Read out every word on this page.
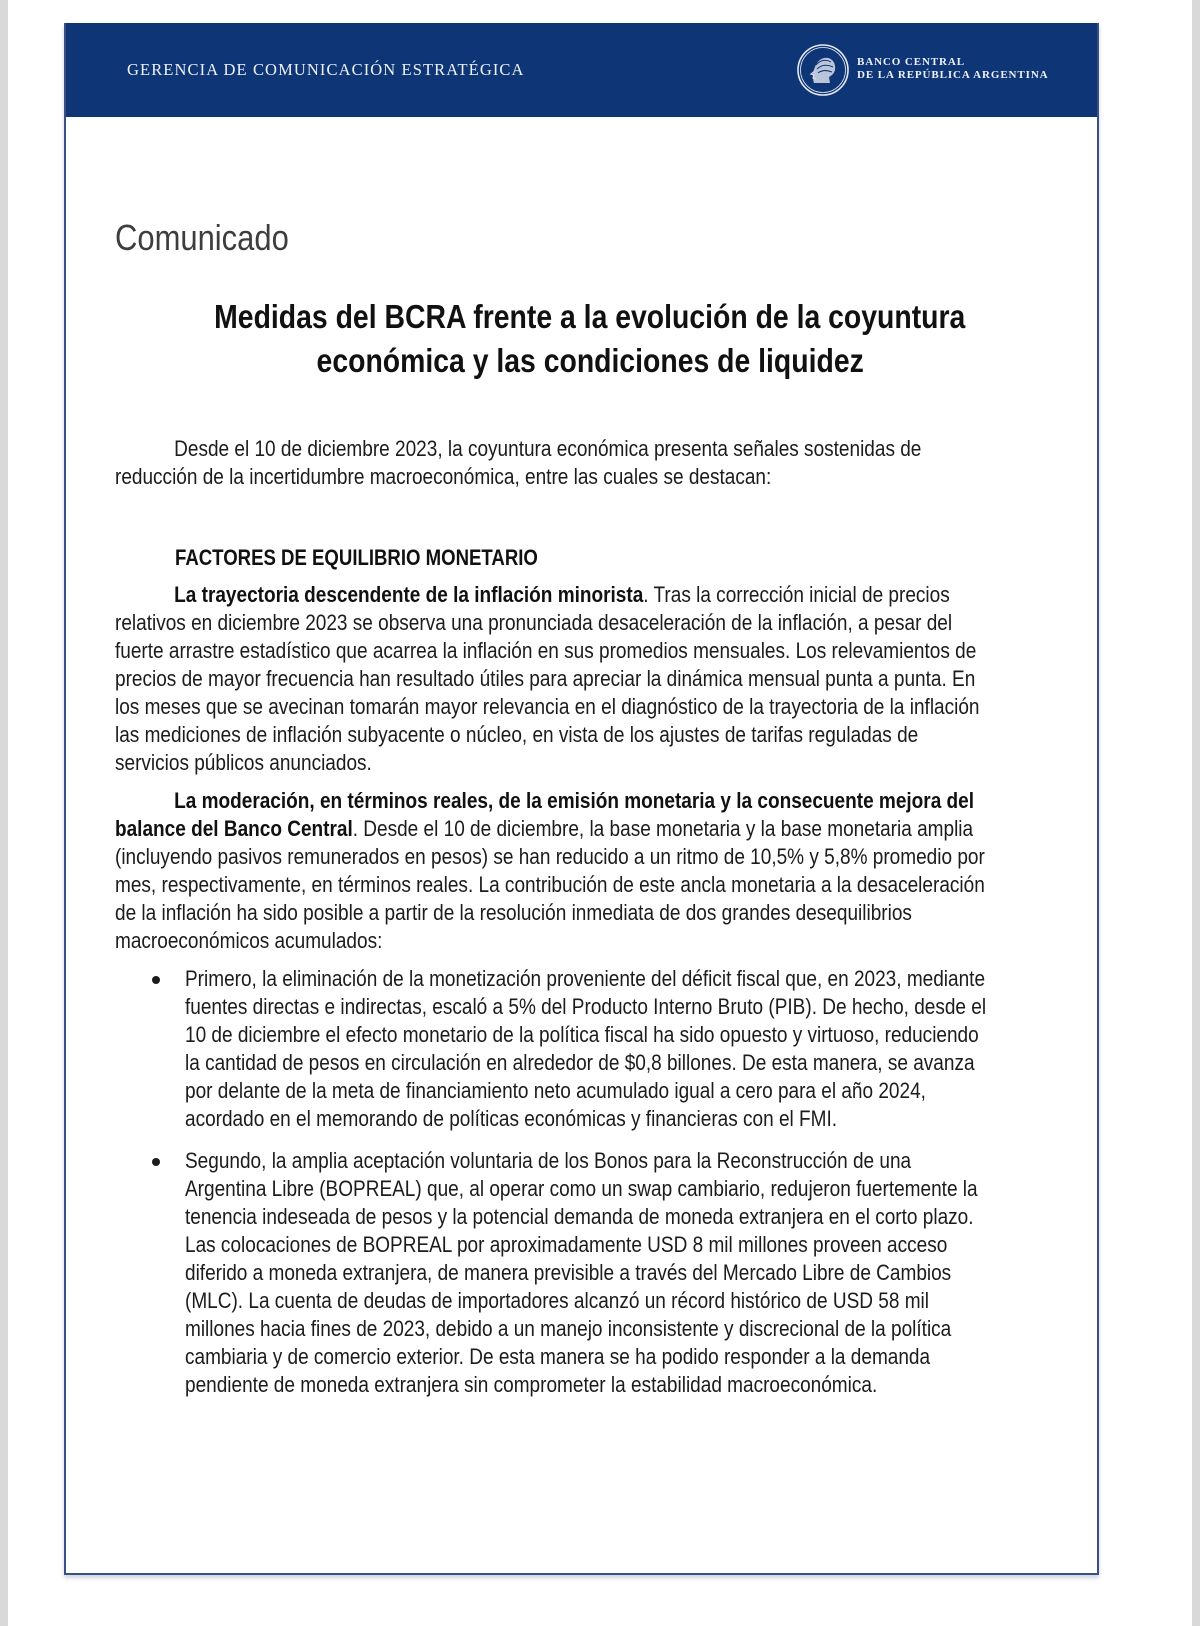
GERENCIA DE COMUNICACIÓN ESTRATÉGICA	BANCO CENTRAL
DE LA REPÚBLICA ARGENTINA
Comunicado
Medidas del BCRA frente a la evolución de la coyuntura
económica y las condiciones de liquidez
Desde el 10 de diciembre 2023, la coyuntura económica presenta señales sostenidas de
reducción de la incertidumbre macroeconómica, entre las cuales se destacan:
FACTORES DE EQUILIBRIO MONETARIO
La trayectoria descendente de la inflación minorista. Tras la corrección inicial de precios
relativos en diciembre 2023 se observa una pronunciada desaceleración de la inflación, a pesar del
fuerte arrastre estadístico que acarrea la inflación en sus promedios mensuales. Los relevamientos de
precios de mayor frecuencia han resultado útiles para apreciar la dinámica mensual punta a punta. En
los meses que se avecinan tomarán mayor relevancia en el diagnóstico de la trayectoria de la inflación
las mediciones de inflación subyacente o núcleo, en vista de los ajustes de tarifas reguladas de
servicios públicos anunciados.
La moderación, en términos reales, de la emisión monetaria y la consecuente mejora del
balance del Banco Central. Desde el 10 de diciembre, la base monetaria y la base monetaria amplia
(incluyendo pasivos remunerados en pesos) se han reducido a un ritmo de 10,5% y 5,8% promedio por
mes, respectivamente, en términos reales. La contribución de este ancla monetaria a la desaceleración
de la inflación ha sido posible a partir de la resolución inmediata de dos grandes desequilibrios
macroeconómicos acumulados:
Primero, la eliminación de la monetización proveniente del déficit fiscal que, en 2023, mediante
fuentes directas e indirectas, escaló a 5% del Producto Interno Bruto (PIB). De hecho, desde el
10 de diciembre el efecto monetario de la política fiscal ha sido opuesto y virtuoso, reduciendo
la cantidad de pesos en circulación en alrededor de $0,8 billones. De esta manera, se avanza
por delante de la meta de financiamiento neto acumulado igual a cero para el año 2024,
acordado en el memorando de políticas económicas y financieras con el FMI.
Segundo, la amplia aceptación voluntaria de los Bonos para la Reconstrucción de una
Argentina Libre (BOPREAL) que, al operar como un swap cambiario, redujeron fuertemente la
tenencia indeseada de pesos y la potencial demanda de moneda extranjera en el corto plazo.
Las colocaciones de BOPREAL por aproximadamente USD 8 mil millones proveen acceso
diferido a moneda extranjera, de manera previsible a través del Mercado Libre de Cambios
(MLC). La cuenta de deudas de importadores alcanzó un récord histórico de USD 58 mil
millones hacia fines de 2023, debido a un manejo inconsistente y discrecional de la política
cambiaria y de comercio exterior. De esta manera se ha podido responder a la demanda
pendiente de moneda extranjera sin comprometer la estabilidad macroeconómica.
